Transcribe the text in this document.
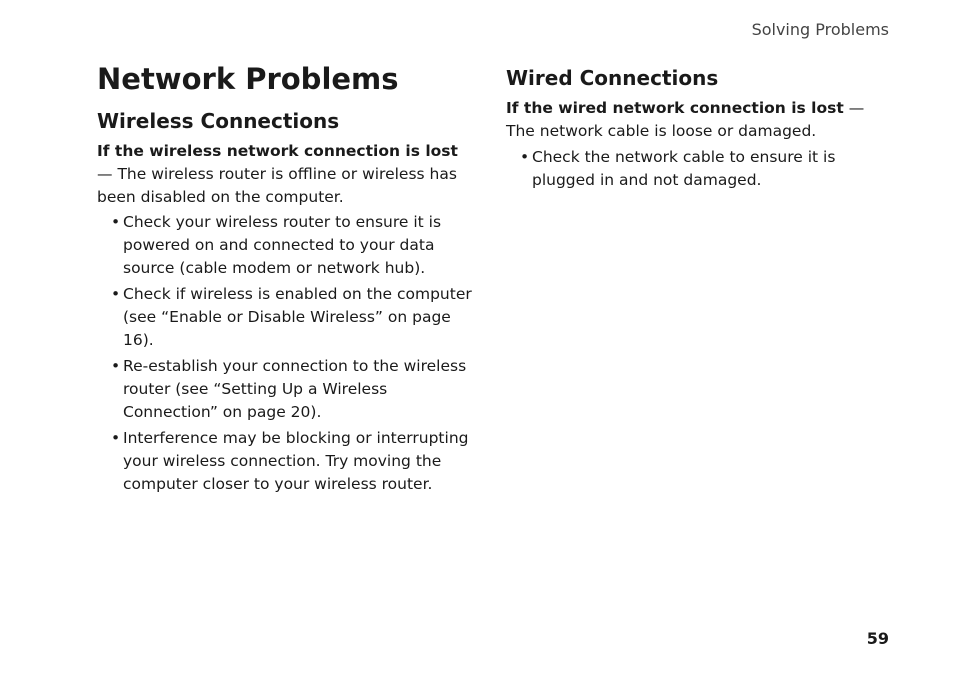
Solving Problems
Network Problems
Wireless Connections

If the wireless network connection is lost — The wireless router is offline or wireless has been disabled on the computer.

• Check your wireless router to ensure it is powered on and connected to your data source (cable modem or network hub).
• Check if wireless is enabled on the computer (see “Enable or Disable Wireless” on page 16).
• Re-establish your connection to the wireless router (see “Setting Up a Wireless Connection” on page 20).
• Interference may be blocking or interrupting your wireless connection. Try moving the computer closer to your wireless router.
Wired Connections

If the wired network connection is lost — The network cable is loose or damaged.

• Check the network cable to ensure it is plugged in and not damaged.
59
